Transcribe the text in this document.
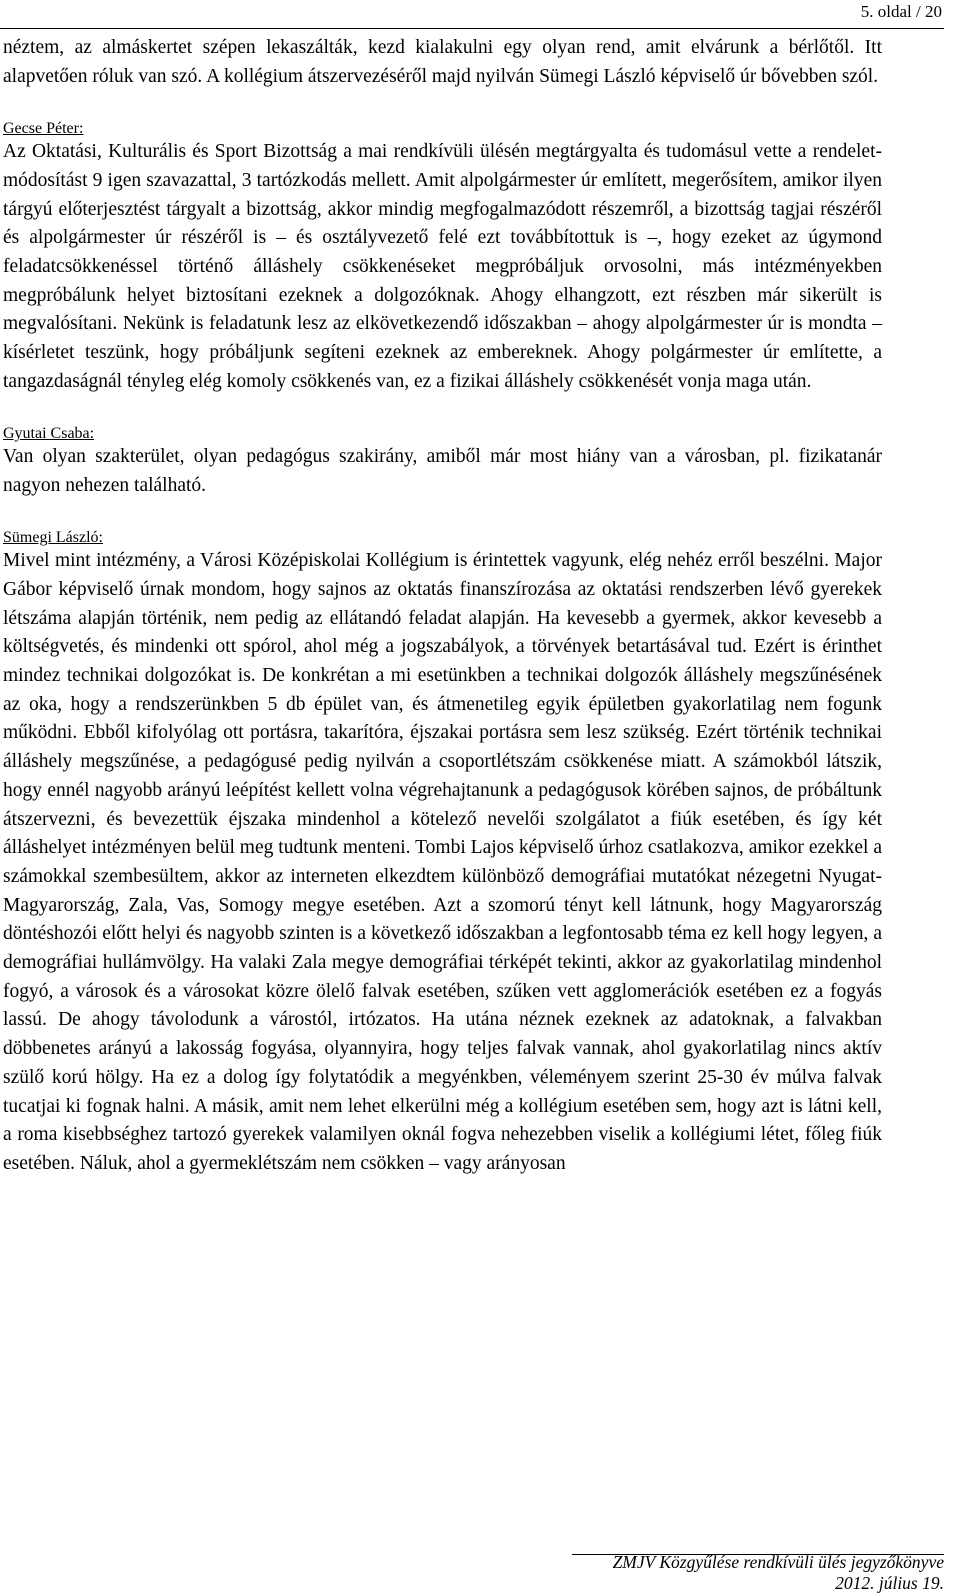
5. oldal / 20

néztem, az almáskertet szépen lekaszálták, kezd kialakulni egy olyan rend, amit elvárunk a bérlőtől. Itt alapvetően róluk van szó. A kollégium átszervezéséről majd nyilván Sümegi László képviselő úr bővebben szól.

Gecse Péter:

Az Oktatási, Kulturális és Sport Bizottság a mai rendkívüli ülésén megtárgyalta és tudomásul vette a rendelet-módosítást 9 igen szavazattal, 3 tartózkodás mellett. Amit alpolgármester úr említett, megerősítem, amikor ilyen tárgyú előterjesztést tárgyalt a bizottság, akkor mindig megfogalmazódott részemről, a bizottság tagjai részéről és alpolgármester úr részéről is – és osztályvezető felé ezt továbbítottuk is –, hogy ezeket az úgymond feladatcsökkenéssel történő álláshely csökkenéseket megpróbáljuk orvosolni, más intézményekben megpróbálunk helyet biztosítani ezeknek a dolgozóknak. Ahogy elhangzott, ezt részben már sikerült is megvalósítani. Nekünk is feladatunk lesz az elkövetkezendő időszakban – ahogy alpolgármester úr is mondta – kísérletet teszünk, hogy próbáljunk segíteni ezeknek az embereknek. Ahogy polgármester úr említette, a tangazdaságnál tényleg elég komoly csökkenés van, ez a fizikai álláshely csökkenését vonja maga után.

Gyutai Csaba:

Van olyan szakterület, olyan pedagógus szakirány, amiből már most hiány van a városban, pl. fizikatanár nagyon nehezen található.

Sümegi László:

Mivel mint intézmény, a Városi Középiskolai Kollégium is érintettek vagyunk, elég nehéz erről beszélni. Major Gábor képviselő úrnak mondom, hogy sajnos az oktatás finanszírozása az oktatási rendszerben lévő gyerekek létszáma alapján történik, nem pedig az ellátandó feladat alapján. Ha kevesebb a gyermek, akkor kevesebb a költségvetés, és mindenki ott spórol, ahol még a jogszabályok, a törvények betartásával tud. Ezért is érinthet mindez technikai dolgozókat is. De konkrétan a mi esetünkben a technikai dolgozók álláshely megszűnésének az oka, hogy a rendszerünkben 5 db épület van, és átmenetileg egyik épületben gyakorlatilag nem fogunk működni. Ebből kifolyólag ott portásra, takarítóra, éjszakai portásra sem lesz szükség. Ezért történik technikai álláshely megszűnése, a pedagógusé pedig nyilván a csoportlétszám csökkenése miatt. A számokból látszik, hogy ennél nagyobb arányú leépítést kellett volna végrehajtanunk a pedagógusok körében sajnos, de próbáltunk átszervezni, és bevezettük éjszaka mindenhol a kötelező nevelői szolgálatot a fiúk esetében, és így két álláshelyet intézményen belül meg tudtunk menteni. Tombi Lajos képviselő úrhoz csatlakozva, amikor ezekkel a számokkal szembesültem, akkor az interneten elkezdtem különböző demográfiai mutatókat nézegetni Nyugat-Magyarország, Zala, Vas, Somogy megye esetében. Azt a szomorú tényt kell látnunk, hogy Magyarország döntéshozói előtt helyi és nagyobb szinten is a következő időszakban a legfontosabb téma ez kell hogy legyen, a demográfiai hullámvölgy. Ha valaki Zala megye demográfiai térképét tekinti, akkor az gyakorlatilag mindenhol fogyó, a városok és a városokat közre ölelő falvak esetében, szűken vett agglomerációk esetében ez a fogyás lassú. De ahogy távolodunk a várostól, irtózatos. Ha utána néznek ezeknek az adatoknak, a falvakban döbbenetes arányú a lakosság fogyása, olyannyira, hogy teljes falvak vannak, ahol gyakorlatilag nincs aktív szülő korú hölgy. Ha ez a dolog így folytatódik a megyénkben, véleményem szerint 25-30 év múlva falvak tucatjai ki fognak halni. A másik, amit nem lehet elkerülni még a kollégium esetében sem, hogy azt is látni kell, a roma kisebbséghez tartozó gyerekek valamilyen oknál fogva nehezebben viselik a kollégiumi létet, főleg fiúk esetében. Náluk, ahol a gyermeklétszám nem csökken – vagy arányosan

ZMJV Közgyűlése rendkívüli ülés jegyzőkönyve
2012. július 19.
